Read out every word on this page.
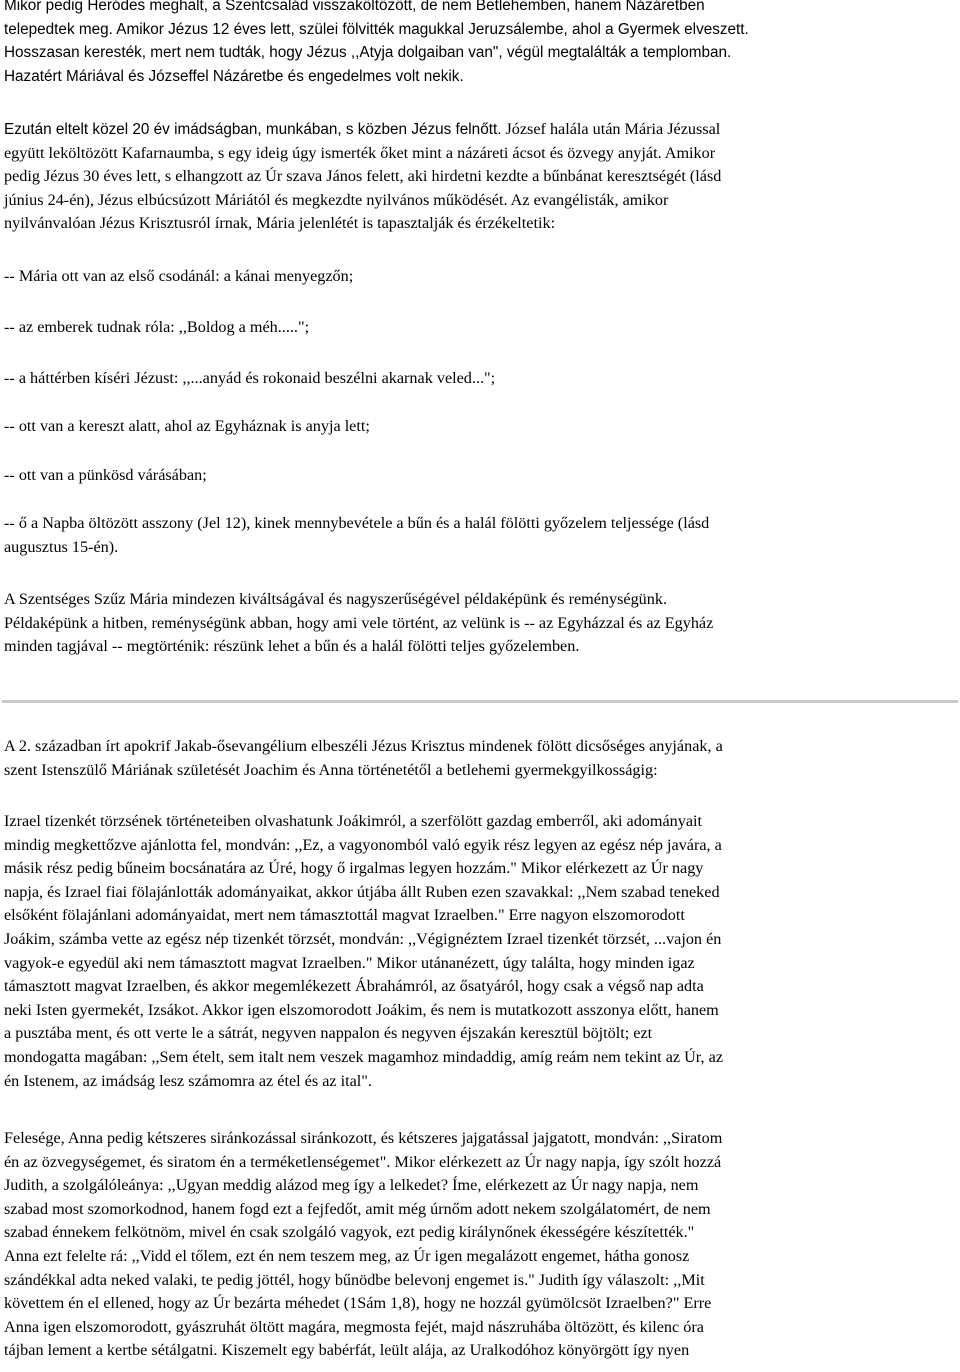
Mikor pedig Heródes meghalt, a Szentcsalád visszaköltözött, de nem Betlehemben, hanem Názáretben

telepedtek meg. Amikor Jézus 12 éves lett, szülei fölvitték magukkal Jeruzsálembe, ahol a Gyermek elveszett.

Hosszasan keresték, mert nem tudták, hogy Jézus ,,Atyja dolgaiban van", végül megtalálták a templomban.

Hazatért Máriával és Józseffel Názáretbe és engedelmes volt nekik.

Ezután eltelt közel 20 év imádságban, munkában, s közben Jézus felnőtt. József halála után Mária Jézussal

együtt leköltözött Kafarnaumba, s egy ideig úgy ismerték őket mint a názáreti ácsot és özvegy anyját. Amikor

pedig Jézus 30 éves lett, s elhangzott az Úr szava János felett, aki hirdetni kezdte a bűnbánat keresztségét (lásd

június 24-én), Jézus elbúcsúzott Máriától és megkezdte nyilvános működését. Az evangélisták, amikor

nyilvánvalóan Jézus Krisztusról írnak, Mária jelenlétét is tapasztalják és érzékeltetik:

-- Mária ott van az első csodánál: a kánai menyegzőn;

-- az emberek tudnak róla: ,,Boldog a méh.....";

-- a háttérben kíséri Jézust: ,,...anyád és rokonaid beszélni akarnak veled...";

-- ott van a kereszt alatt, ahol az Egyháznak is anyja lett;

-- ott van a pünkösd várásában;

-- ő a Napba öltözött asszony (Jel 12), kinek mennybevétele a bűn és a halál fölötti győzelem teljessége (lásd

augusztus 15-én).

A Szentséges Szűz Mária mindezen kiváltságával és nagyszerűségével példaképünk és reménységünk.

Példaképünk a hitben, reménységünk abban, hogy ami vele történt, az velünk is -- az Egyházzal és az Egyház

minden tagjával -- megtörténik: részünk lehet a bűn és a halál fölötti teljes győzelemben.

A 2. században írt apokrif Jakab-ősevangélium elbeszéli Jézus Krisztus mindenek fölött dicsőséges anyjának, a

szent Istenszülő Máriának születését Joachim és Anna történetétől a betlehemi gyermekgyilkosságig:

Izrael tizenkét törzsének történeteiben olvashatunk Joákimról, a szerfölött gazdag emberről, aki adományait

mindig megkettőzve ajánlotta fel, mondván: ,,Ez, a vagyonomból való egyik rész legyen az egész nép javára, a

másik rész pedig bűneim bocsánatára az Úré, hogy ő irgalmas legyen hozzám." Mikor elérkezett az Úr nagy

napja, és Izrael fiai fölajánlották adományaikat, akkor útjába állt Ruben ezen szavakkal: ,,Nem szabad teneked

elsőként fölajánlani adományaidat, mert nem támasztottál magvat Izraelben." Erre nagyon elszomorodott

Joákim, számba vette az egész nép tizenkét törzsét, mondván: ,,Végignéztem Izrael tizenkét törzsét, ...vajon én

vagyok-e egyedül aki nem támasztott magvat Izraelben." Mikor utánanézett, úgy találta, hogy minden igaz

támasztott magvat Izraelben, és akkor megemlékezett Ábrahámról, az ősatyáról, hogy csak a végső nap adta

neki Isten gyermekét, Izsákot. Akkor igen elszomorodott Joákim, és nem is mutatkozott asszonya előtt, hanem

a pusztába ment, és ott verte le a sátrát, negyven nappalon és negyven éjszakán keresztül böjtölt; ezt

mondogatta magában: ,,Sem ételt, sem italt nem veszek magamhoz mindaddig, amíg reám nem tekint az Úr, az

én Istenem, az imádság lesz számomra az étel és az ital".

Felesége, Anna pedig kétszeres siránkozással siránkozott, és kétszeres jajgatással jajgatott, mondván: ,,Siratom

én az özvegységemet, és siratom én a terméketlenségemet". Mikor elérkezett az Úr nagy napja, így szólt hozzá

Judith, a szolgálóleánya: ,,Ugyan meddig alázod meg így a lelkedet? Íme, elérkezett az Úr nagy napja, nem

szabad most szomorkodnod, hanem fogd ezt a fejfedőt, amit még úrnőm adott nekem szolgálatomért, de nem

szabad énnekem felkötnöm, mivel én csak szolgáló vagyok, ezt pedig királynőnek ékességére készítették."

Anna ezt felelte rá: ,,Vidd el tőlem, ezt én nem teszem meg, az Úr igen megalázott engemet, hátha gonosz

szándékkal adta neked valaki, te pedig jöttél, hogy bűnödbe belevonj engemet is." Judith így válaszolt: ,,Mit

követtem én el ellened, hogy az Úr bezárta méhedet (1Sám 1,8), hogy ne hozzál gyümölcsöt Izraelben?" Erre

Anna igen elszomorodott, gyászruhát öltött magára, megmosta fejét, majd nászruhába öltözött, és kilenc óra

tájban lement a kertbe sétálgatni. Kiszemelt egy babérfát, leült alája, az Uralkodóhoz könyörgött így nyen
